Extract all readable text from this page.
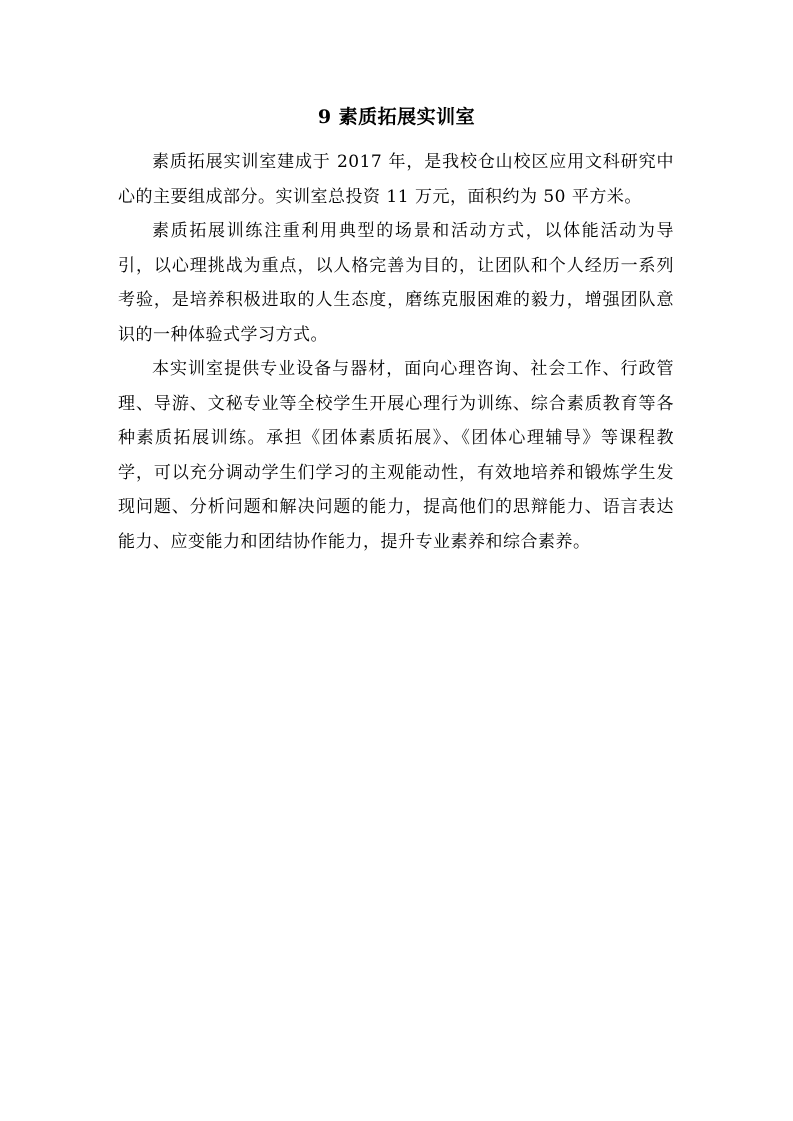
9 素质拓展实训室

素质拓展实训室建成于 2017 年，是我校仓山校区应用文科研究中心的主要组成部分。实训室总投资 11 万元，面积约为 50 平方米。

素质拓展训练注重利用典型的场景和活动方式，以体能活动为导引，以心理挑战为重点，以人格完善为目的，让团队和个人经历一系列考验，是培养积极进取的人生态度，磨练克服困难的毅力，增强团队意识的一种体验式学习方式。

本实训室提供专业设备与器材，面向心理咨询、社会工作、行政管理、导游、文秘专业等全校学生开展心理行为训练、综合素质教育等各种素质拓展训练。承担《团体素质拓展》、《团体心理辅导》等课程教学，可以充分调动学生们学习的主观能动性，有效地培养和锻炼学生发现问题、分析问题和解决问题的能力，提高他们的思辩能力、语言表达能力、应变能力和团结协作能力，提升专业素养和综合素养。
